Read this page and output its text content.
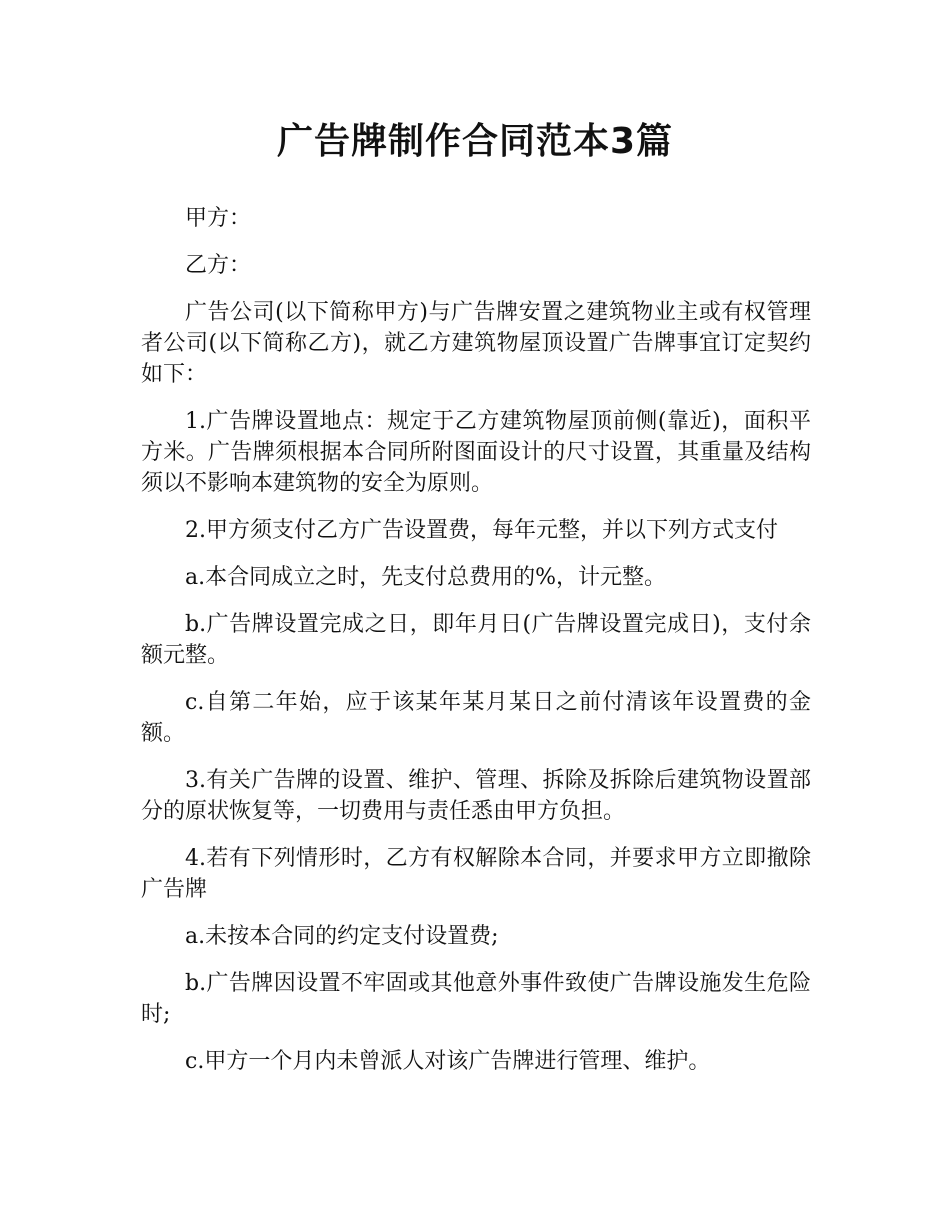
广告牌制作合同范本3篇

甲方：

乙方：

广告公司(以下简称甲方)与广告牌安置之建筑物业主或有权管理者公司(以下简称乙方)，就乙方建筑物屋顶设置广告牌事宜订定契约如下：

1.广告牌设置地点：规定于乙方建筑物屋顶前侧(靠近)，面积平方米。广告牌须根据本合同所附图面设计的尺寸设置，其重量及结构须以不影响本建筑物的安全为原则。

2.甲方须支付乙方广告设置费，每年元整，并以下列方式支付

a.本合同成立之时，先支付总费用的%，计元整。

b.广告牌设置完成之日，即年月日(广告牌设置完成日)，支付余额元整。

c.自第二年始，应于该某年某月某日之前付清该年设置费的金额。

3.有关广告牌的设置、维护、管理、拆除及拆除后建筑物设置部分的原状恢复等，一切费用与责任悉由甲方负担。

4.若有下列情形时，乙方有权解除本合同，并要求甲方立即撤除广告牌

a.未按本合同的约定支付设置费;

b.广告牌因设置不牢固或其他意外事件致使广告牌设施发生危险时;

c.甲方一个月内未曾派人对该广告牌进行管理、维护。
